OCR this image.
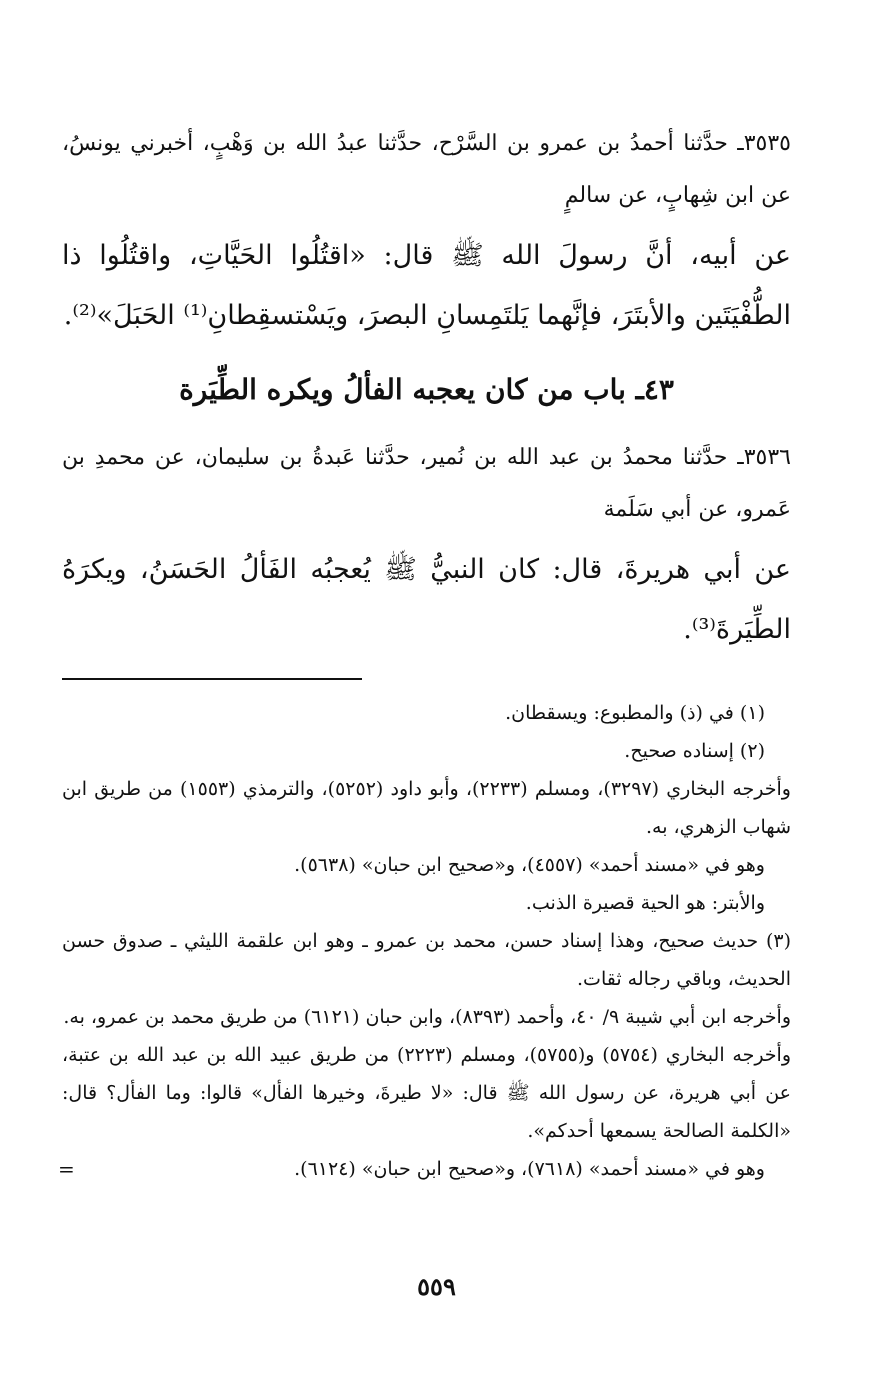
٣٥٣٥ـ حدَّثنا أحمدُ بن عمرو بن السَّرْح، حدَّثنا عبدُ الله بن وَهْبٍ، أخبرني يونسُ، عن ابن شِهابٍ، عن سالمٍ

عن أبيه، أنَّ رسولَ الله ﷺ قال: «اقتُلُوا الحَيَّاتِ، واقتُلُوا ذا الطُّفْيَتَين والأبتَرَ، فإنَّهما يَلتَمِسانِ البصرَ، ويَسْتسقِطانِ⁽¹⁾ الحَبَلَ»⁽²⁾.

٤٣ـ باب من كان يعجبه الفألُ ويكره الطِّيَرة

٣٥٣٦ـ حدَّثنا محمدُ بن عبد الله بن نُمير، حدَّثنا عَبدةُ بن سليمان، عن محمدِ بن عَمرو، عن أبي سَلَمة

عن أبي هريرةَ، قال: كان النبيُّ ﷺ يُعجبُه الفَألُ الحَسَنُ، ويكرَهُ الطِّيَرةَ⁽³⁾.

(١) في (ذ) والمطبوع: ويسقطان.

(٢) إسناده صحيح.

وأخرجه البخاري (٣٢٩٧)، ومسلم (٢٢٣٣)، وأبو داود (٥٢٥٢)، والترمذي (١٥٥٣) من طريق ابن شهاب الزهري، به.

وهو في «مسند أحمد» (٤٥٥٧)، و«صحيح ابن حبان» (٥٦٣٨).

والأبتر: هو الحية قصيرة الذنب.

(٣) حديث صحيح، وهذا إسناد حسن، محمد بن عمرو ـ وهو ابن علقمة الليثي ـ صدوق حسن الحديث، وباقي رجاله ثقات.

وأخرجه ابن أبي شيبة ٩/ ٤٠، وأحمد (٨٣٩٣)، وابن حبان (٦١٢١) من طريق محمد بن عمرو، به.

وأخرجه البخاري (٥٧٥٤) و(٥٧٥٥)، ومسلم (٢٢٢٣) من طريق عبيد الله بن عبد الله بن عتبة، عن أبي هريرة، عن رسول الله ﷺ قال: «لا طيرةَ، وخيرها الفأل» قالوا: وما الفأل؟ قال: «الكلمة الصالحة يسمعها أحدكم».

وهو في «مسند أحمد» (٧٦١٨)، و«صحيح ابن حبان» (٦١٢٤).

=
٥٥٩
